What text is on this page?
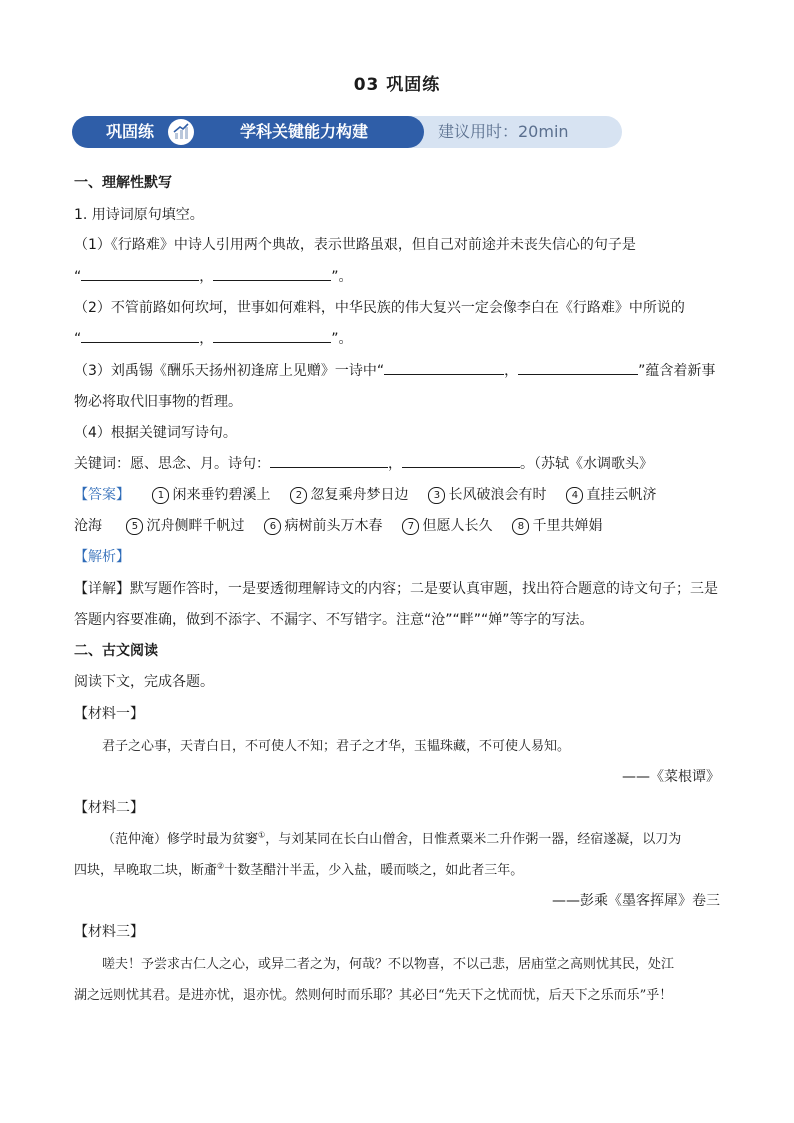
03 巩固练
巩固练	学科关键能力构建	建议用时：20min
一、理解性默写
1. 用诗词原句填空。
（1）《行路难》中诗人引用两个典故，表示世路虽艰，但自己对前途并未丧失信心的句子是
“	，	”。
（2）不管前路如何坎坷，世事如何难料，中华民族的伟大复兴一定会像李白在《行路难》中所说的
“	，	”。
（3）刘禹锡《酬乐天扬州初逢席上见赠》一诗中“	，	”蕴含着新事
物必将取代旧事物的哲理。
（4）根据关键词写诗句。
关键词：愿、思念、月。诗句：	，	。（苏轼《水调歌头》
【答案】	1 闲来垂钓碧溪上	2 忽复乘舟梦日边	3 长风破浪会有时	4 直挂云帆济
沧海	5 沉舟侧畔千帆过	6 病树前头万木春	7 但愿人长久	8 千里共婵娟
【解析】
【详解】默写题作答时，一是要透彻理解诗文的内容；二是要认真审题，找出符合题意的诗文句子；三是
答题内容要准确，做到不添字、不漏字、不写错字。注意“沧”“畔”“婵”等字的写法。
二、古文阅读
阅读下文，完成各题。
【材料一】
君子之心事，天青白日，不可使人不知；君子之才华，玉韫珠藏，不可使人易知。
——《菜根谭》
【材料二】
（范仲淹）修学时最为贫窭①，与刘某同在长白山僧舍，日惟煮粟米二升作粥一器，经宿遂凝，以刀为
四块，早晚取二块，断齑②十数茎醋汁半盂，少入盐，暖而啖之，如此者三年。
——彭乘《墨客挥犀》卷三
【材料三】
嗟夫！予尝求古仁人之心，或异二者之为，何哉？不以物喜，不以己悲，居庙堂之高则忧其民，处江
湖之远则忧其君。是进亦忧，退亦忧。然则何时而乐耶？其必曰“先天下之忧而忧，后天下之乐而乐”乎！
